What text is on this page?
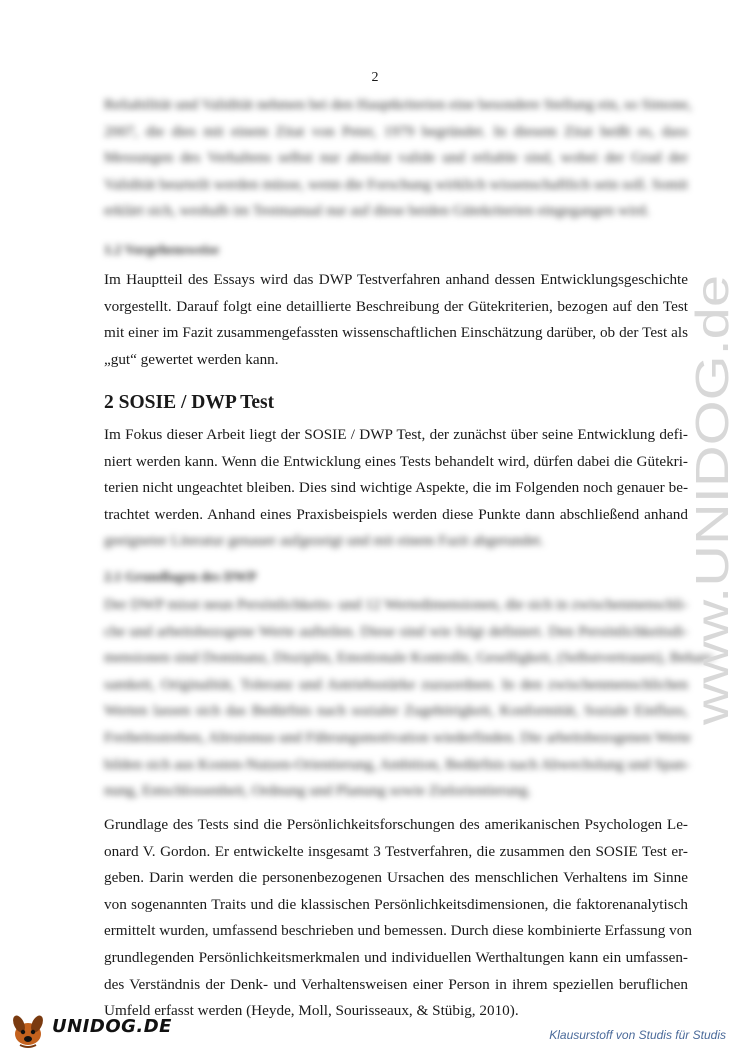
2
Reliabilität und Validität nehmen bei den Hauptkriterien eine besondere Stellung ein, so Simone,
2007, die dies mit einem Zitat von Peter, 1979 begründet. In diesem Zitat heißt es, dass
Messungen des Verhaltens selbst nur absolut valide und reliable sind, wobei der Grad der
Validität beurteilt werden müsse, wenn die Forschung wirklich wissenschaftlich sein soll. Somit
erklärt sich, weshalb im Testmanual nur auf diese beiden Gütekriterien eingegangen wird.
1.2 Vorgehensweise
Im Hauptteil des Essays wird das DWP Testverfahren anhand dessen Entwicklungsgeschichte
vorgestellt. Darauf folgt eine detaillierte Beschreibung der Gütekriterien, bezogen auf den Test
mit einer im Fazit zusammengefassten wissenschaftlichen Einschätzung darüber, ob der Test als
„gut“ gewertet werden kann.
2 SOSIE / DWP Test
Im Fokus dieser Arbeit liegt der SOSIE / DWP Test, der zunächst über seine Entwicklung defi-
niert werden kann. Wenn die Entwicklung eines Tests behandelt wird, dürfen dabei die Gütekri-
terien nicht ungeachtet bleiben. Dies sind wichtige Aspekte, die im Folgenden noch genauer be-
trachtet werden. Anhand eines Praxisbeispiels werden diese Punkte dann abschließend anhand
geeigneter Literatur genauer aufgezeigt und mit einem Fazit abgerundet.
2.1 Grundlagen des DWP
Der DWP misst neun Persönlichkeits- und 12 Wertedimensionen, die sich in zwischenmenschli-
che und arbeitsbezogene Werte aufteilen. Diese sind wie folgt definiert. Den Persönlichkeitsdi-
mensionen sind Dominanz, Disziplin, Emotionale Kontrolle, Geselligkeit, (Selbstvertrauen), Beharr-
samkeit, Originalität, Toleranz und Antriebsstärke zuzuordnen. In den zwischenmenschlichen
Werten lassen sich das Bedürfnis nach sozialer Zugehörigkeit, Konformität, Soziale Einfluss,
Freiheitsstreben, Altruismus und Führungsmotivation wiederfinden. Die arbeitsbezogenen Werte
bilden sich aus Kosten-Nutzen-Orientierung, Ambition, Bedürfnis nach Abwechslung und Span-
nung, Entschlossenheit, Ordnung und Planung sowie Zielorientierung.
Grundlage des Tests sind die Persönlichkeitsforschungen des amerikanischen Psychologen Le-
onard V. Gordon. Er entwickelte insgesamt 3 Testverfahren, die zusammen den SOSIE Test er-
geben. Darin werden die personenbezogenen Ursachen des menschlichen Verhaltens im Sinne
von sogenannten Traits und die klassischen Persönlichkeitsdimensionen, die faktorenanalytisch
ermittelt wurden, umfassend beschrieben und bemessen. Durch diese kombinierte Erfassung von
grundlegenden Persönlichkeitsmerkmalen und individuellen Werthaltungen kann ein umfassen-
des Verständnis der Denk- und Verhaltensweisen einer Person in ihrem speziellen beruflichen
Umfeld erfasst werden (Heyde, Moll, Sourisseaux, & Stübig, 2010).
www.UNIDOG.de
UNIDOG.DE	Klausurstoff von Studis für Studis
